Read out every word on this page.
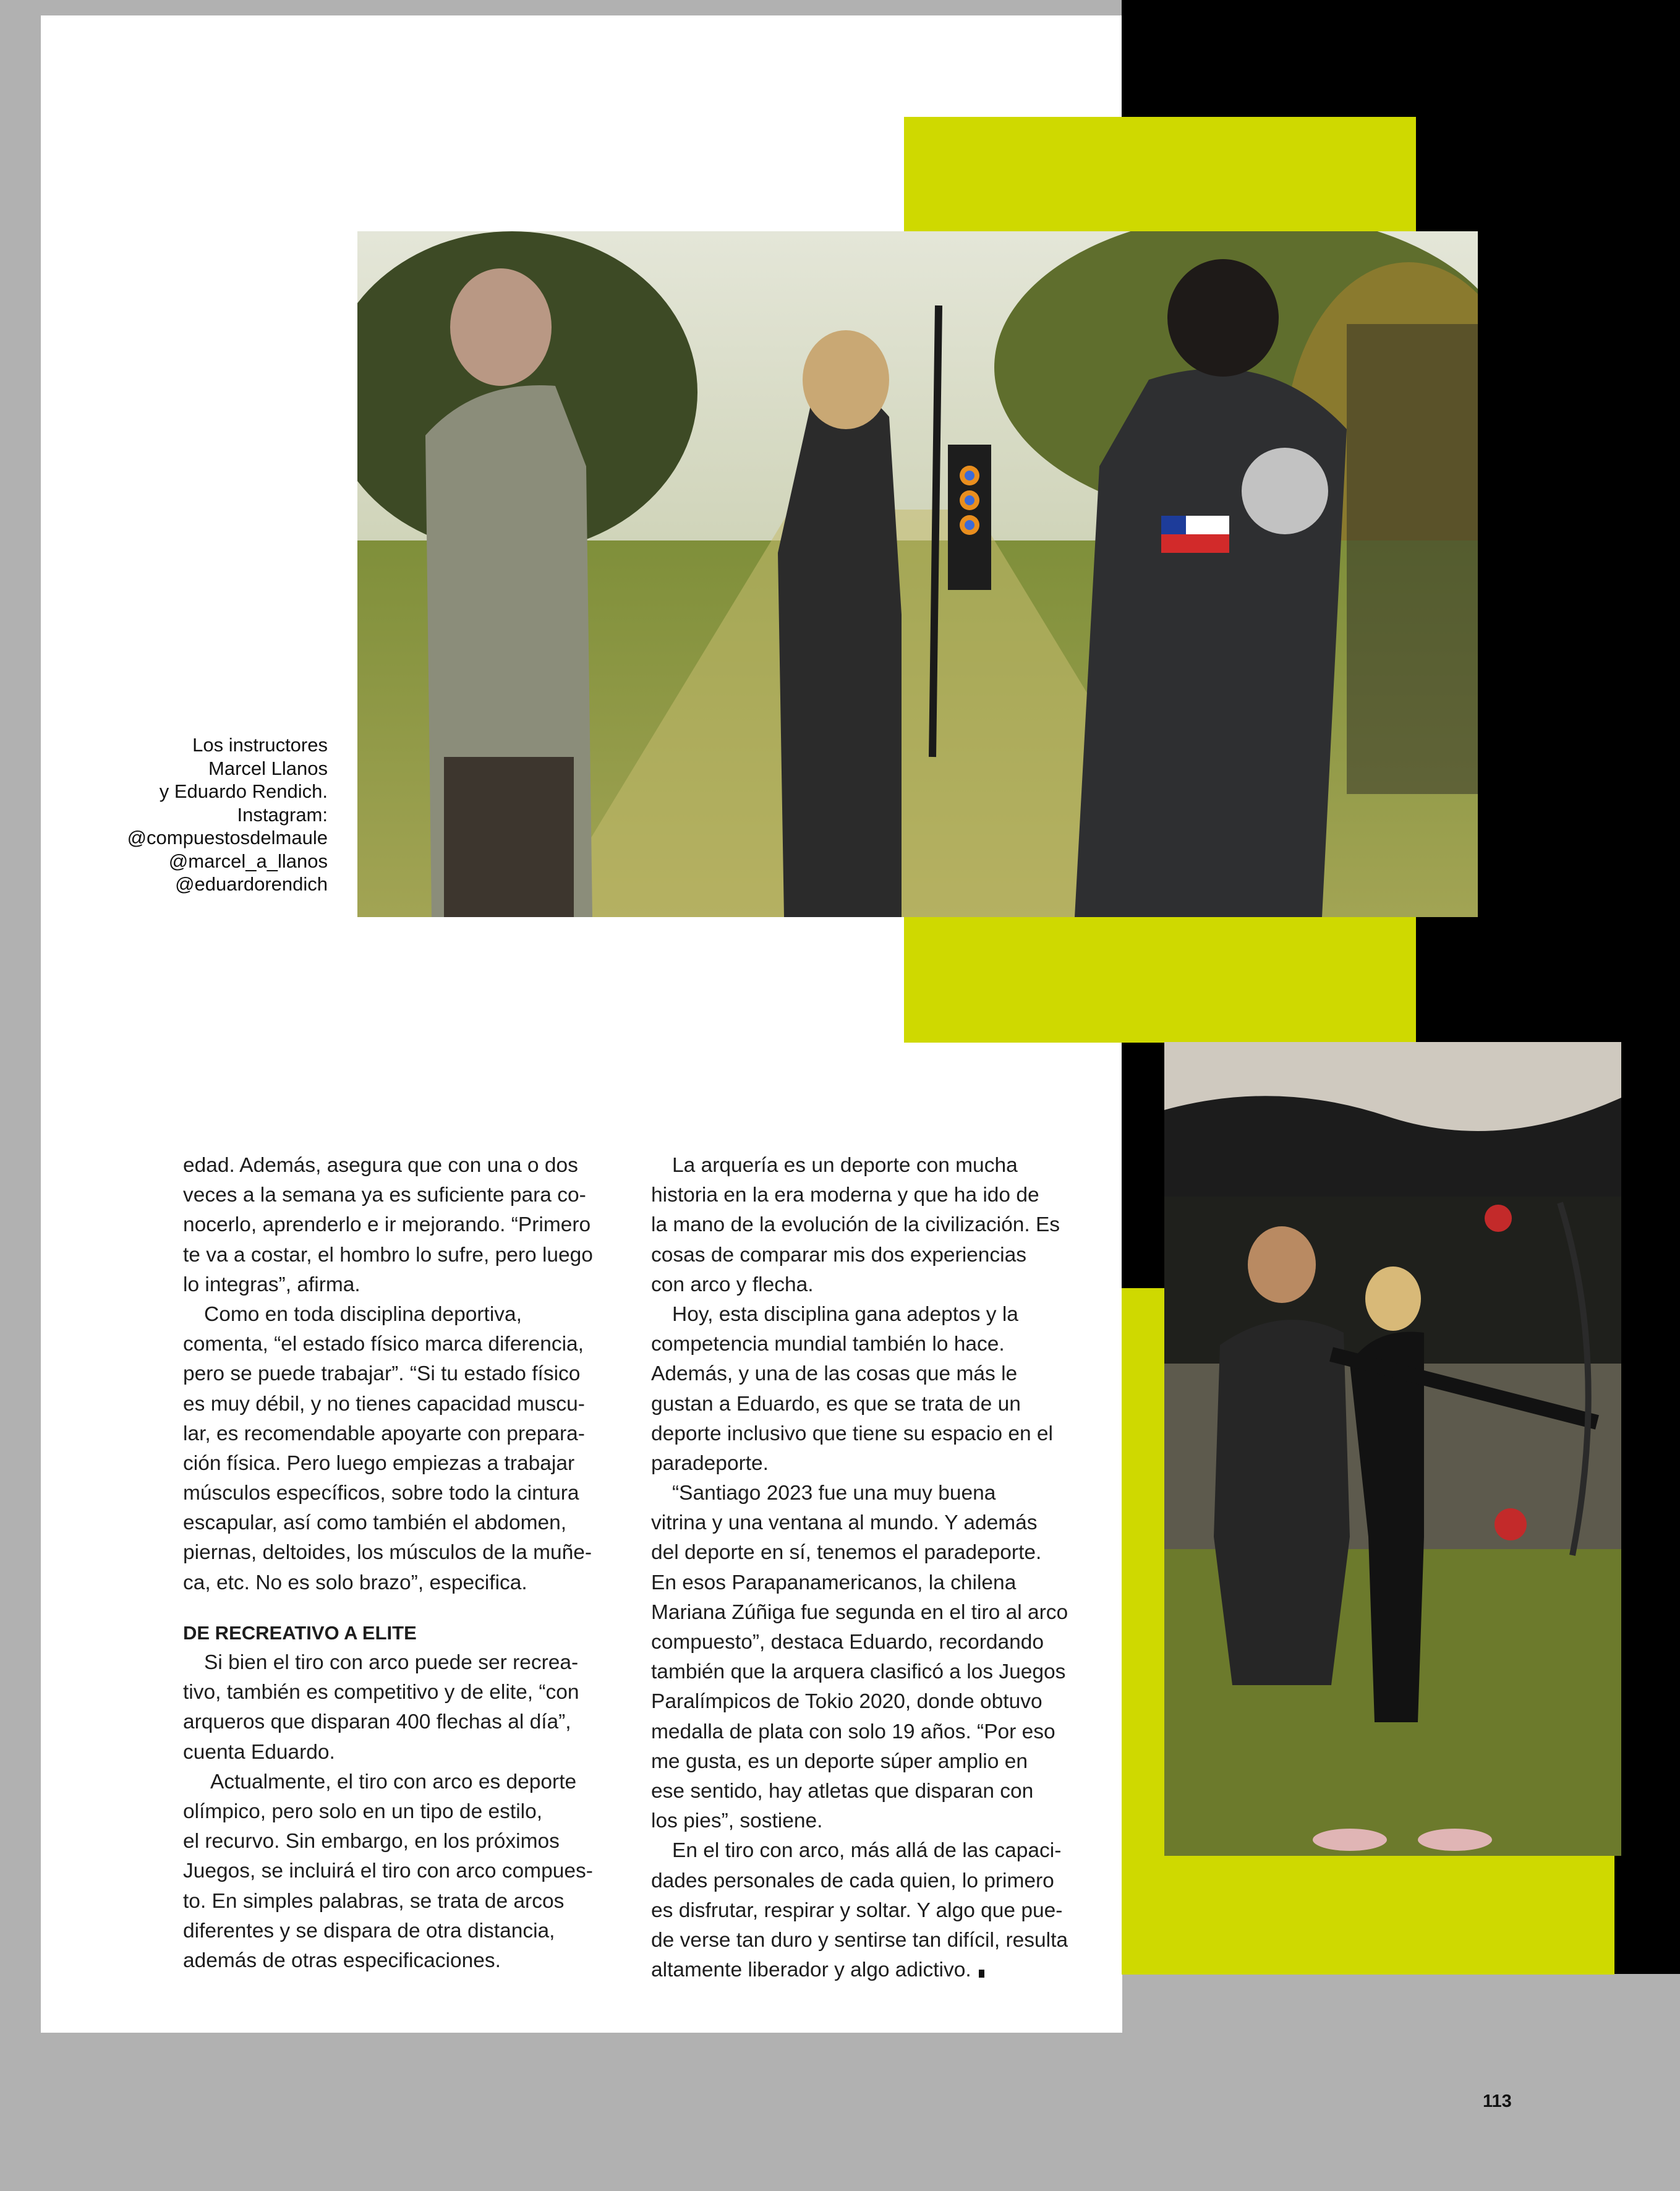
Los instructores
Marcel Llanos
y Eduardo Rendich.
Instagram:
@compuestosdelmaule
@marcel_a_llanos
@eduardorendich
edad. Además, asegura que con una o dos
veces a la semana ya es suficiente para co-
nocerlo, aprenderlo e ir mejorando. “Primero
te va a costar, el hombro lo sufre, pero luego
lo integras”, afirma.
Como en toda disciplina deportiva,
comenta, “el estado físico marca diferencia,
pero se puede trabajar”. “Si tu estado físico
es muy débil, y no tienes capacidad muscu-
lar, es recomendable apoyarte con prepara-
ción física. Pero luego empiezas a trabajar
músculos específicos, sobre todo la cintura
escapular, así como también el abdomen,
piernas, deltoides, los músculos de la muñe-
ca, etc. No es solo brazo”, especifica.
DE RECREATIVO A ELITE
Si bien el tiro con arco puede ser recrea-
tivo, también es competitivo y de elite, “con
arqueros que disparan 400 flechas al día”,
cuenta Eduardo.
Actualmente, el tiro con arco es deporte
olímpico, pero solo en un tipo de estilo,
el recurvo. Sin embargo, en los próximos
Juegos, se incluirá el tiro con arco compues-
to. En simples palabras, se trata de arcos
diferentes y se dispara de otra distancia,
además de otras especificaciones.
La arquería es un deporte con mucha
historia en la era moderna y que ha ido de
la mano de la evolución de la civilización. Es
cosas de comparar mis dos experiencias
con arco y flecha.
Hoy, esta disciplina gana adeptos y la
competencia mundial también lo hace.
Además, y una de las cosas que más le
gustan a Eduardo, es que se trata de un
deporte inclusivo que tiene su espacio en el
paradeporte.
“Santiago 2023 fue una muy buena
vitrina y una ventana al mundo. Y además
del deporte en sí, tenemos el paradeporte.
En esos Parapanamericanos, la chilena
Mariana Zúñiga fue segunda en el tiro al arco
compuesto”, destaca Eduardo, recordando
también que la arquera clasificó a los Juegos
Paralímpicos de Tokio 2020, donde obtuvo
medalla de plata con solo 19 años. “Por eso
me gusta, es un deporte súper amplio en
ese sentido, hay atletas que disparan con
los pies”, sostiene.
En el tiro con arco, más allá de las capaci-
dades personales de cada quien, lo primero
es disfrutar, respirar y soltar. Y algo que pue-
de verse tan duro y sentirse tan difícil, resulta
altamente liberador y algo adictivo.
113
